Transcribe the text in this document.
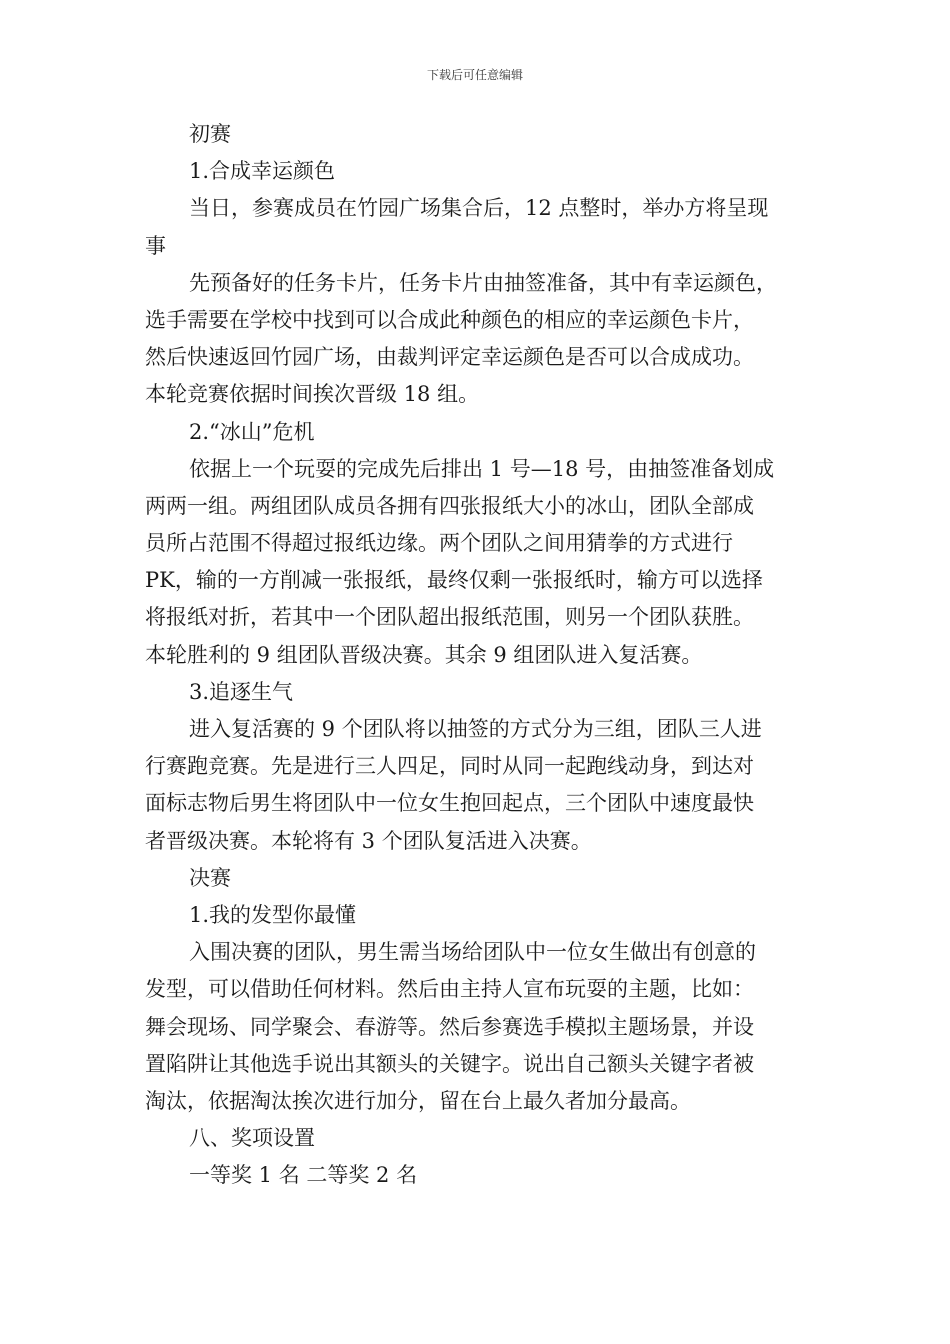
下载后可任意编辑
初赛
1.合成幸运颜色
当日，参赛成员在竹园广场集合后，12 点整时，举办方将呈现
事
先预备好的任务卡片，任务卡片由抽签准备，其中有幸运颜色，
选手需要在学校中找到可以合成此种颜色的相应的幸运颜色卡片，
然后快速返回竹园广场，由裁判评定幸运颜色是否可以合成成功。
本轮竞赛依据时间挨次晋级 18 组。
2.“冰山”危机
依据上一个玩耍的完成先后排出 1 号—18 号，由抽签准备划成
两两一组。两组团队成员各拥有四张报纸大小的冰山，团队全部成
员所占范围不得超过报纸边缘。两个团队之间用猜拳的方式进行
PK，输的一方削减一张报纸，最终仅剩一张报纸时，输方可以选择
将报纸对折，若其中一个团队超出报纸范围，则另一个团队获胜。
本轮胜利的 9 组团队晋级决赛。其余 9 组团队进入复活赛。
3.追逐生气
进入复活赛的 9 个团队将以抽签的方式分为三组，团队三人进
行赛跑竞赛。先是进行三人四足，同时从同一起跑线动身，到达对
面标志物后男生将团队中一位女生抱回起点，三个团队中速度最快
者晋级决赛。本轮将有 3 个团队复活进入决赛。
决赛
1.我的发型你最懂
入围决赛的团队，男生需当场给团队中一位女生做出有创意的
发型，可以借助任何材料。然后由主持人宣布玩耍的主题，比如：
舞会现场、同学聚会、春游等。然后参赛选手模拟主题场景，并设
置陷阱让其他选手说出其额头的关键字。说出自己额头关键字者被
淘汰，依据淘汰挨次进行加分，留在台上最久者加分最高。
八、奖项设置
一等奖 1 名 二等奖 2 名
